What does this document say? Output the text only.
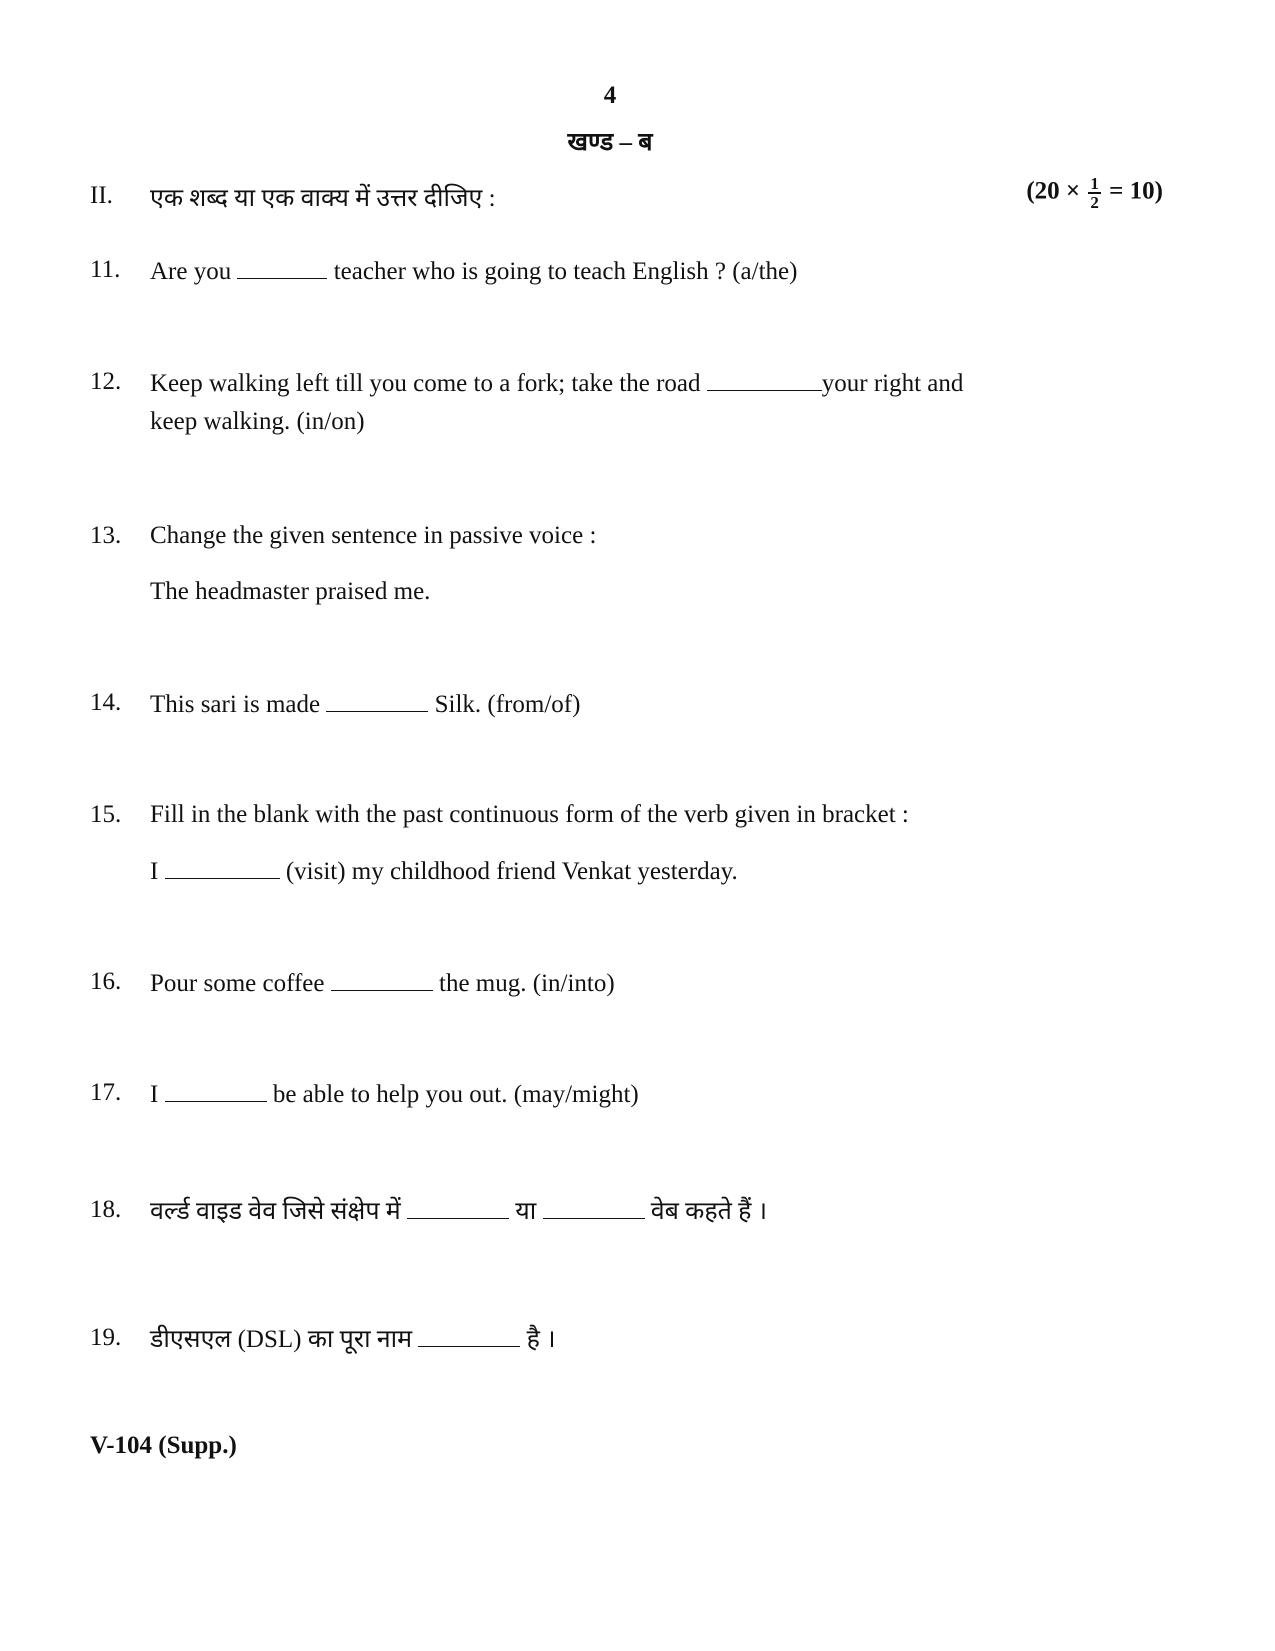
4
खण्ड – ब
II. एक शब्द या एक वाक्य में उत्तर दीजिए :	$(20 \times \frac{1}{2} = 10)$
11. Are you	teacher who is going to teach English ? (a/the)
12. Keep walking left till you come to a fork; take the road	your right and
keep walking. (in/on)
13. Change the given sentence in passive voice :
The headmaster praised me.
14. This sari is made	Silk. (from/of)
15. Fill in the blank with the past continuous form of the verb given in bracket :
I	(visit) my childhood friend Venkat yesterday.
16. Pour some coffee	the mug. (in/into)
17. I	be able to help you out. (may/might)
18. वर्ल्ड वाइड वेव जिसे संक्षेप में	या	वेब कहते हैं ।
19. डीएसएल (DSL) का पूरा नाम	है ।
V-104 (Supp.)
